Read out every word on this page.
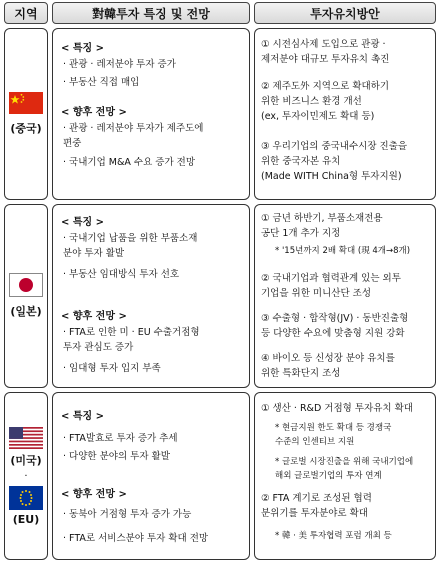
지역	對韓투자 특징 및 전망	투자유치방안
(중국)
< 특징 >
· 관광 · 레저분야 투자 증가
· 부동산 직접 매입
< 향후 전망 >
· 관광 · 레저분야 투자가 제주도에
편중
· 국내기업 M&A 수요 증가 전망
① 시전심사제 도입으로 관광 ·
제저분야 대규모 투자유치 촉진
② 제주도外 지역으로 확대하기
위한 비즈니스 환경 개선
(ex, 투자이민제도 확대 등)
③ 우리기업의 중국내수시장 진출을
위한 중국자본 유치
(Made WITH China형 투자지원)
(일본)
< 특징 >
· 국내기업 납품을 위한 부품소재
분야 투자 활발
· 부동산 임대방식 투자 선호
< 향후 전망 >
· FTA로 인한 미 · EU 수출거점형
투자 관심도 증가
· 임대형 투자 입지 부족
① 금년 하반기, 부품소재전용
공단 1개 추가 지정
* '15년까지 2배 확대 (現 4개→8개)
② 국내기업과 협력관계 있는 외투
기업을 위한 미니산단 조성
③ 수출형 · 합작형(JV) · 동반진출형
등 다양한 수요에 맞춤형 지원 강화
④ 바이오 등 신성장 분야 유치를
위한 특화단지 조성
(미국)
·
(EU)
< 특징 >
· FTA발효로 투자 증가 추세
· 다양한 분야의 투자 활발
< 향후 전망 >
· 동북아 거점형 투자 증가 가능
· FTA로 서비스분야 투자 확대 전망
① 생산 · R&D 거점형 투자유치 확대
* 현금지원 한도 확대 등 경쟁국
수준의 인센티브 지원
* 글로벌 시장진출을 위해 국내기업에
해외 글로벌기업의 투자 연계
② FTA 계기로 조성된 협력
분위기를 투자분야로 확대
* 韓 · 美 투자협력 포럼 개최 등
